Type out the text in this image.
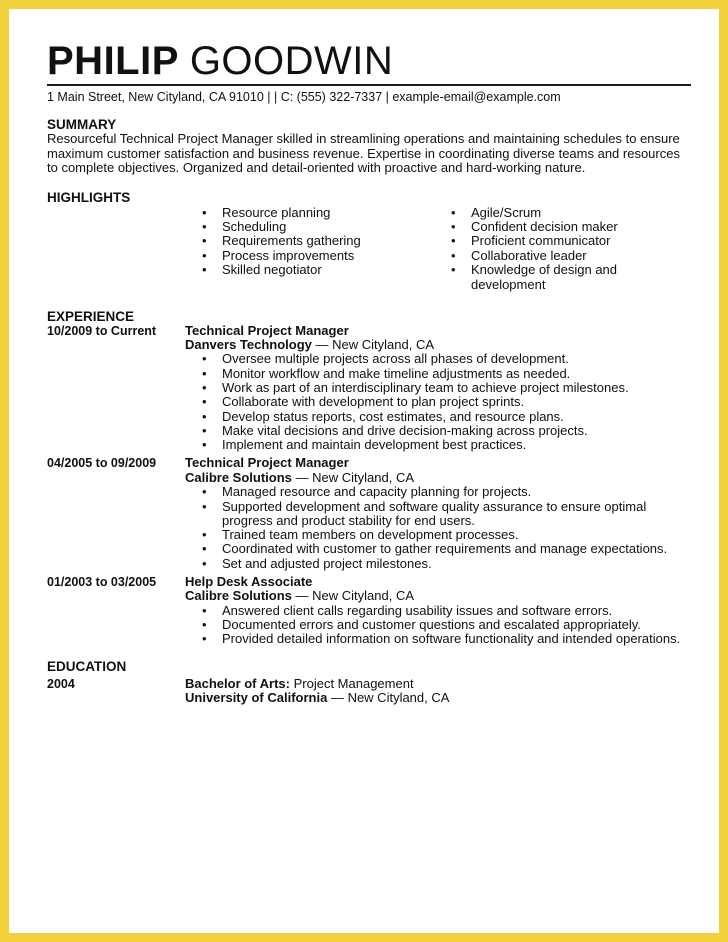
PHILIP GOODWIN
1 Main Street, New Cityland, CA 91010 | | C: (555) 322-7337 | example-email@example.com
SUMMARY
Resourceful Technical Project Manager skilled in streamlining operations and maintaining schedules to ensure maximum customer satisfaction and business revenue. Expertise in coordinating diverse teams and resources to complete objectives. Organized and detail-oriented with proactive and hard-working nature.
HIGHLIGHTS
• Resource planning
• Scheduling
• Requirements gathering
• Process improvements
• Skilled negotiator
• Agile/Scrum
• Confident decision maker
• Proficient communicator
• Collaborative leader
• Knowledge of design and development
EXPERIENCE
10/2009 to Current Technical Project Manager
Danvers Technology — New Cityland, CA
• Oversee multiple projects across all phases of development.
• Monitor workflow and make timeline adjustments as needed.
• Work as part of an interdisciplinary team to achieve project milestones.
• Collaborate with development to plan project sprints.
• Develop status reports, cost estimates, and resource plans.
• Make vital decisions and drive decision-making across projects.
• Implement and maintain development best practices.
04/2005 to 09/2009 Technical Project Manager
Calibre Solutions — New Cityland, CA
• Managed resource and capacity planning for projects.
• Supported development and software quality assurance to ensure optimal progress and product stability for end users.
• Trained team members on development processes.
• Coordinated with customer to gather requirements and manage expectations.
• Set and adjusted project milestones.
01/2003 to 03/2005 Help Desk Associate
Calibre Solutions — New Cityland, CA
• Answered client calls regarding usability issues and software errors.
• Documented errors and customer questions and escalated appropriately.
• Provided detailed information on software functionality and intended operations.
EDUCATION
2004	Bachelor of Arts: Project Management
University of California — New Cityland, CA
